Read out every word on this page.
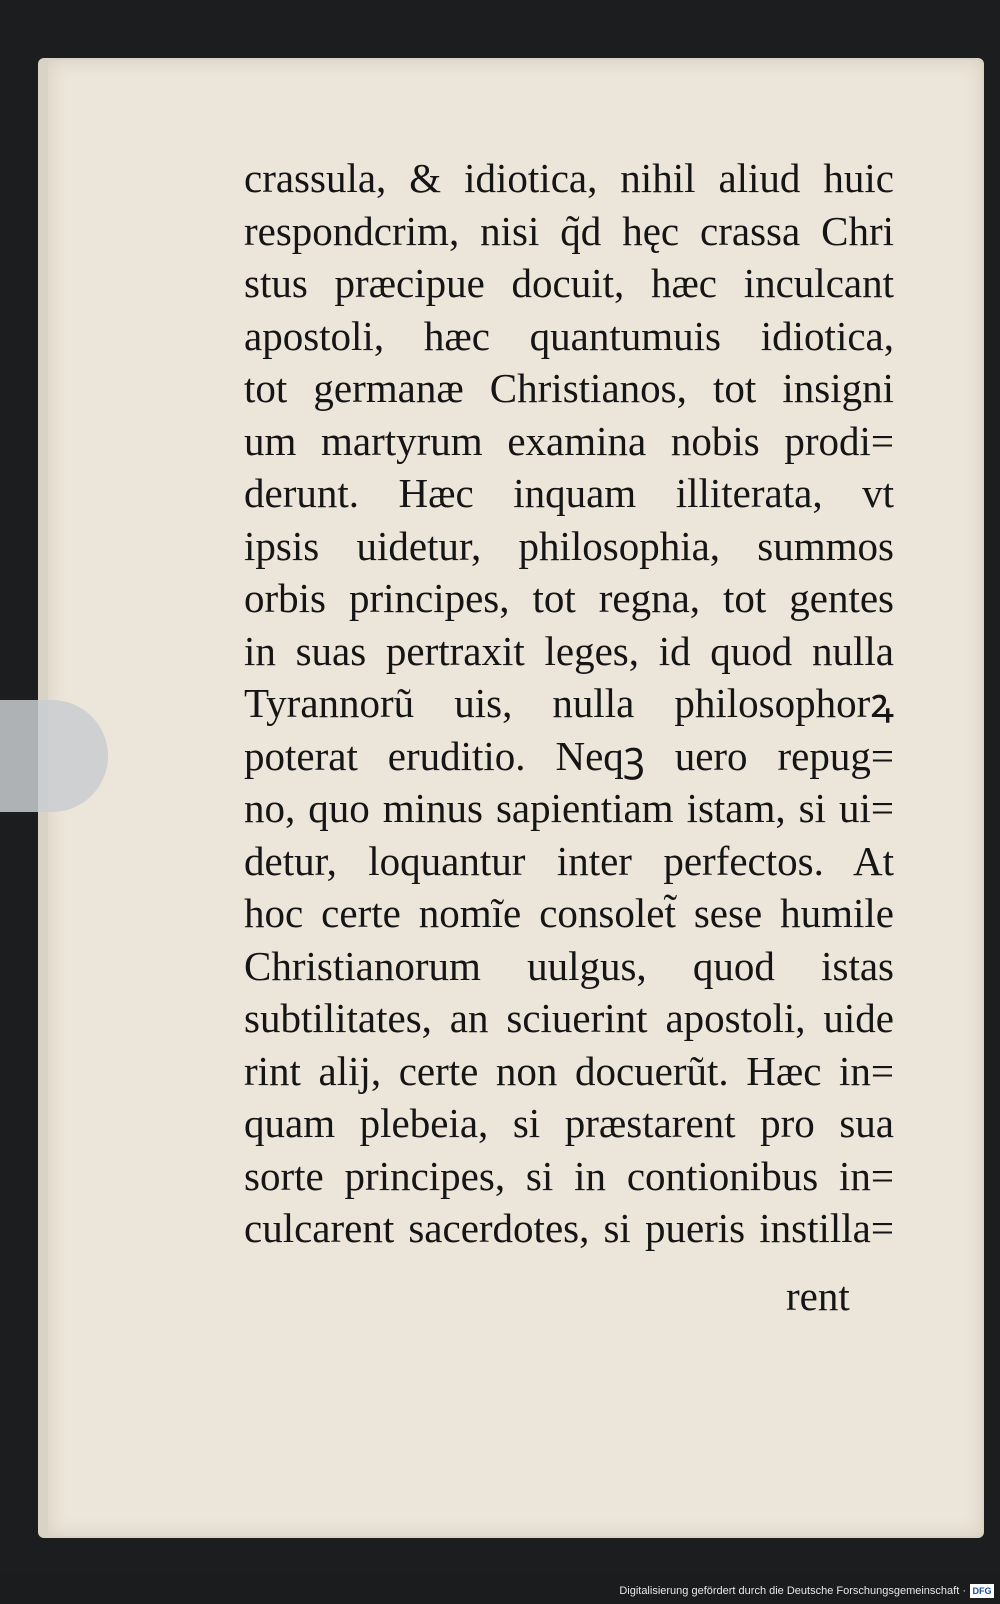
crassula, & idiotica, nihil aliud huic
respondcrim, nisi q̃d hęc crassa Chri
stus præcipue docuit, hæc inculcant
apostoli, hæc quantumuis idiotica,
tot germanæ Christianos, tot insigni
um martyrum examina nobis prodi=
derunt. Hæc inquam illiterata, vt
ipsis uidetur, philosophia, summos
orbis principes, tot regna, tot gentes
in suas pertraxit leges, id quod nulla
Tyrannorũ uis, nulla philosophorꝝ
poterat eruditio. Neqꝫ uero repug=
no, quo minus sapientiam istam, si ui=
detur, loquantur inter perfectos. At
hoc certe nomĩe consolet̃ sese humile
Christianorum uulgus, quod istas
subtilitates, an sciuerint apostoli, uide
rint alij, certe non docuerũt. Hæc in=
quam plebeia, si præstarent pro sua
sorte principes, si in contionibus in=
culcarent sacerdotes, si pueris instilla=
rent
Digitalisierung gefördert durch die Deutsche Forschungsgemeinschaft · DFG
